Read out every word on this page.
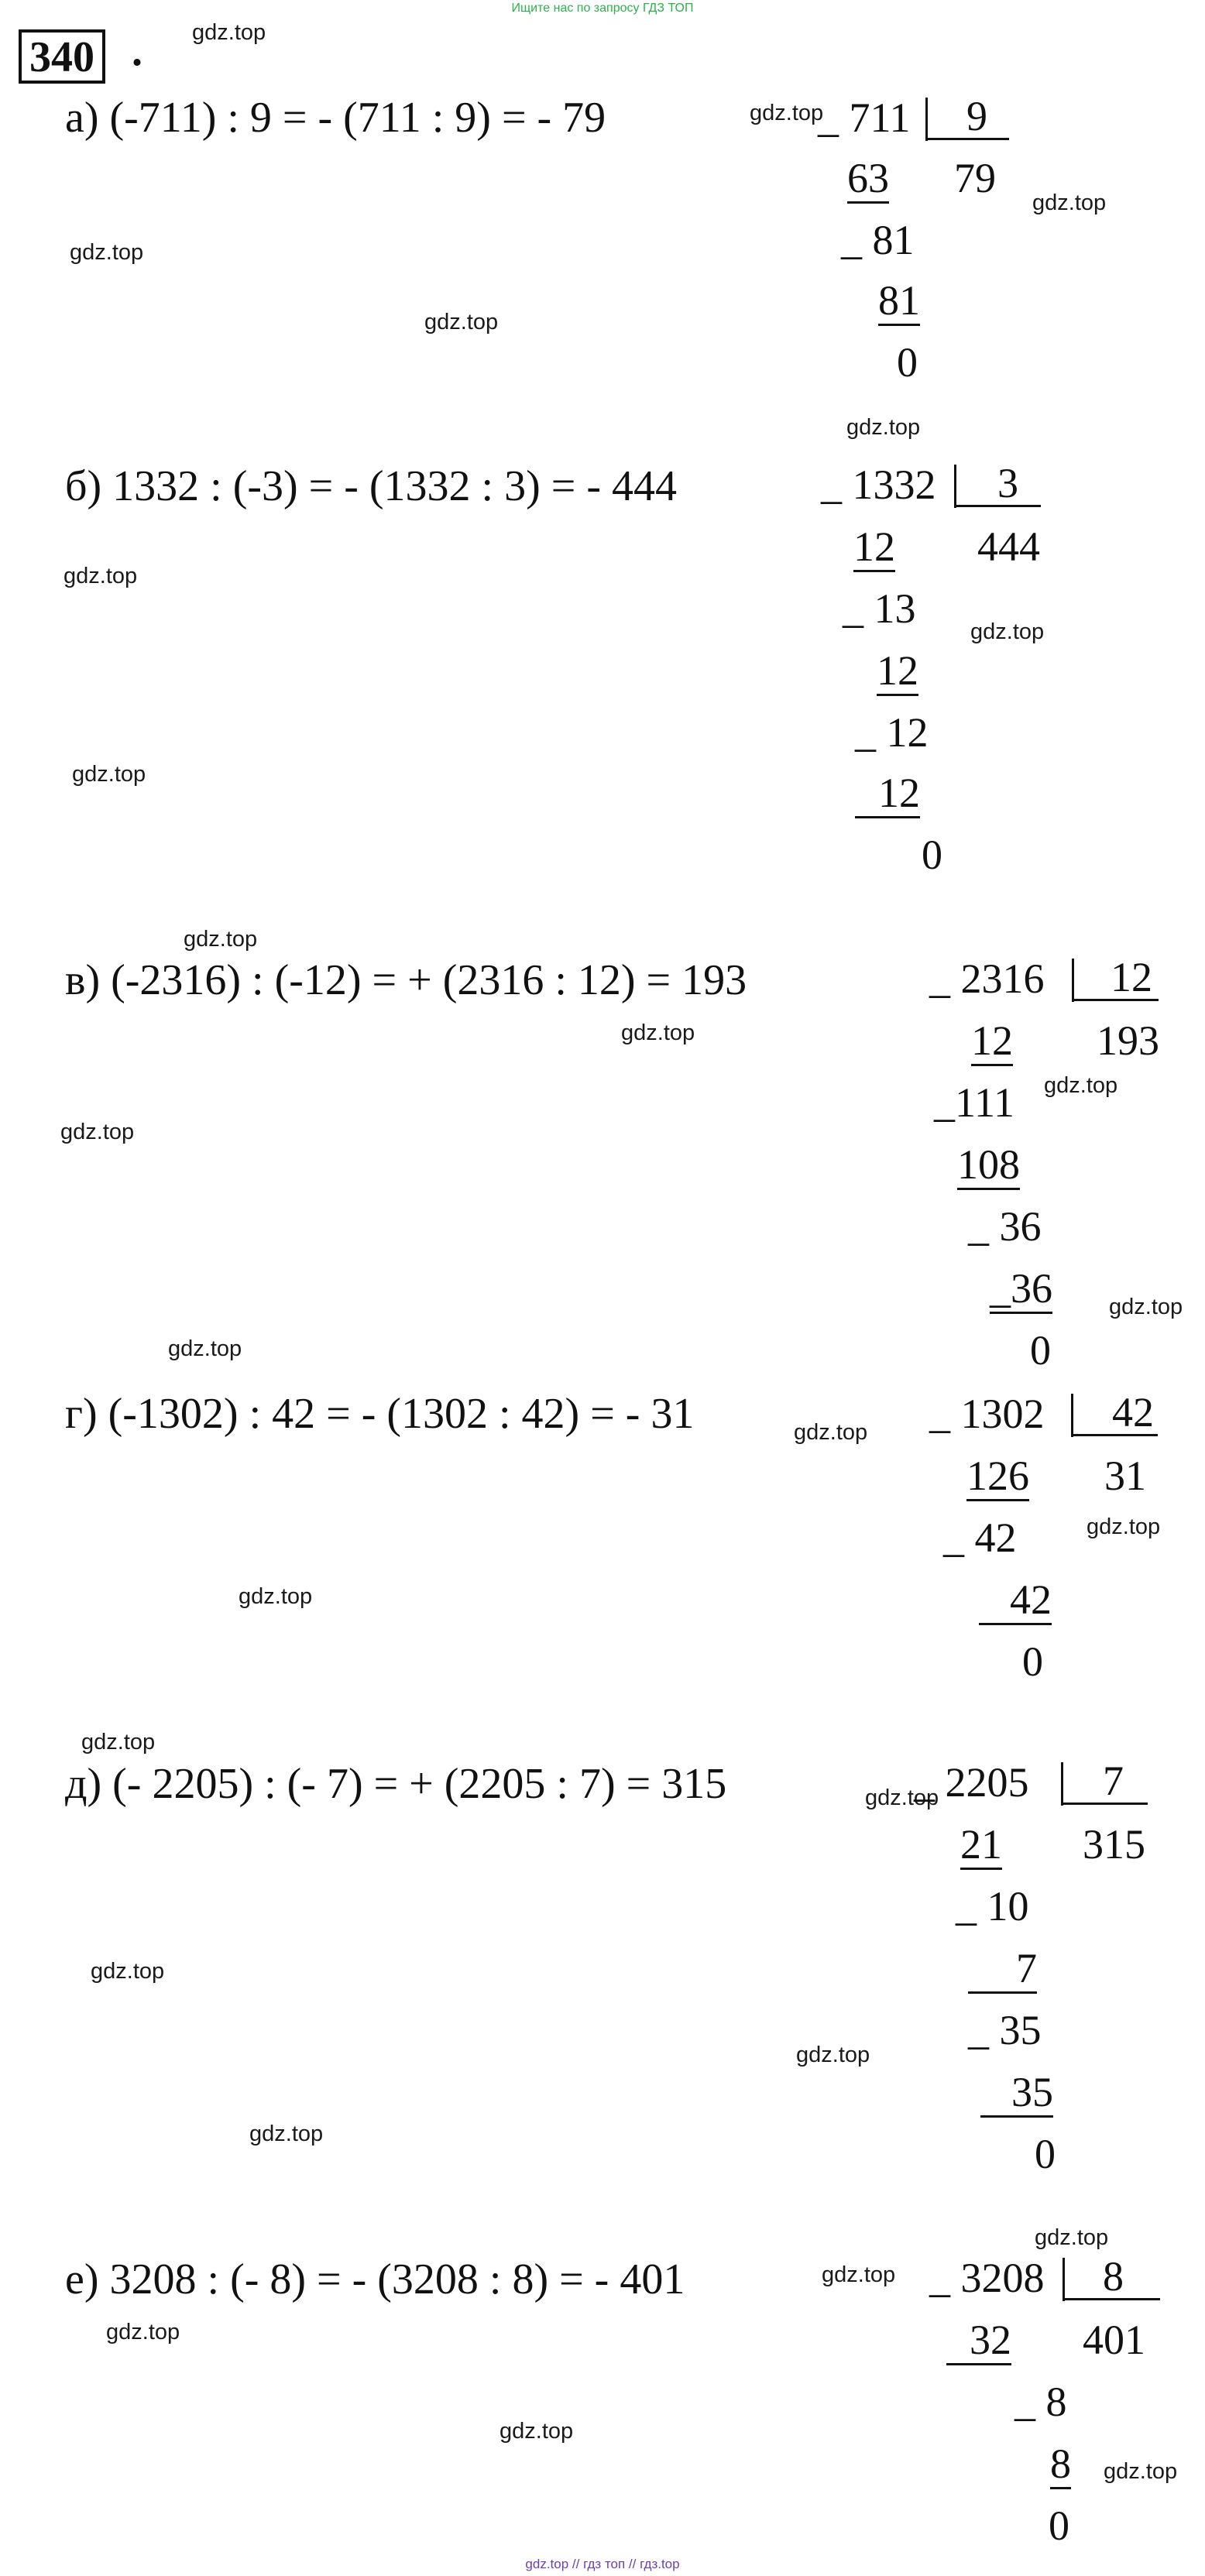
Ищите нас по запросу ГДЗ ТОП
340 . gdz.top
gdz.top
gdz.top
gdz.top
gdz.top
gdz.top
gdz.top
gdz.top
gdz.top
gdz.top
gdz.top
gdz.top
gdz.top
gdz.top
gdz.top
gdz.top
gdz.top
gdz.top
gdz.top
gdz.top
gdz.top
gdz.top
gdz.top
gdz.top
gdz.top
gdz.top
gdz.top
gdz.top
а) (-711) : 9 = - (711 : 9) = - 79	_ 711 9
79
63
_ 81
81
0
б) 1332 : (-3) = - (1332 : 3) = - 444	_ 1332 3
444
12
_ 13
12
_ 12
12
0
в) (-2316) : (-12) = + (2316 : 12) = 193	_ 2316 12
193
12
_111
108
_ 36
_36
0
г) (-1302) : 42 = - (1302 : 42) = - 31	_ 1302 42
31
126
_ 42
42
0
д) (- 2205) : (- 7) = + (2205 : 7) = 315	_ 2205 7
315
21
_ 10
7
_ 35
35
0
е) 3208 : (- 8) = - (3208 : 8) = - 401	_ 3208 8
401
32
_ 8
8
0
gdz.top // гдз топ // гдз.top
